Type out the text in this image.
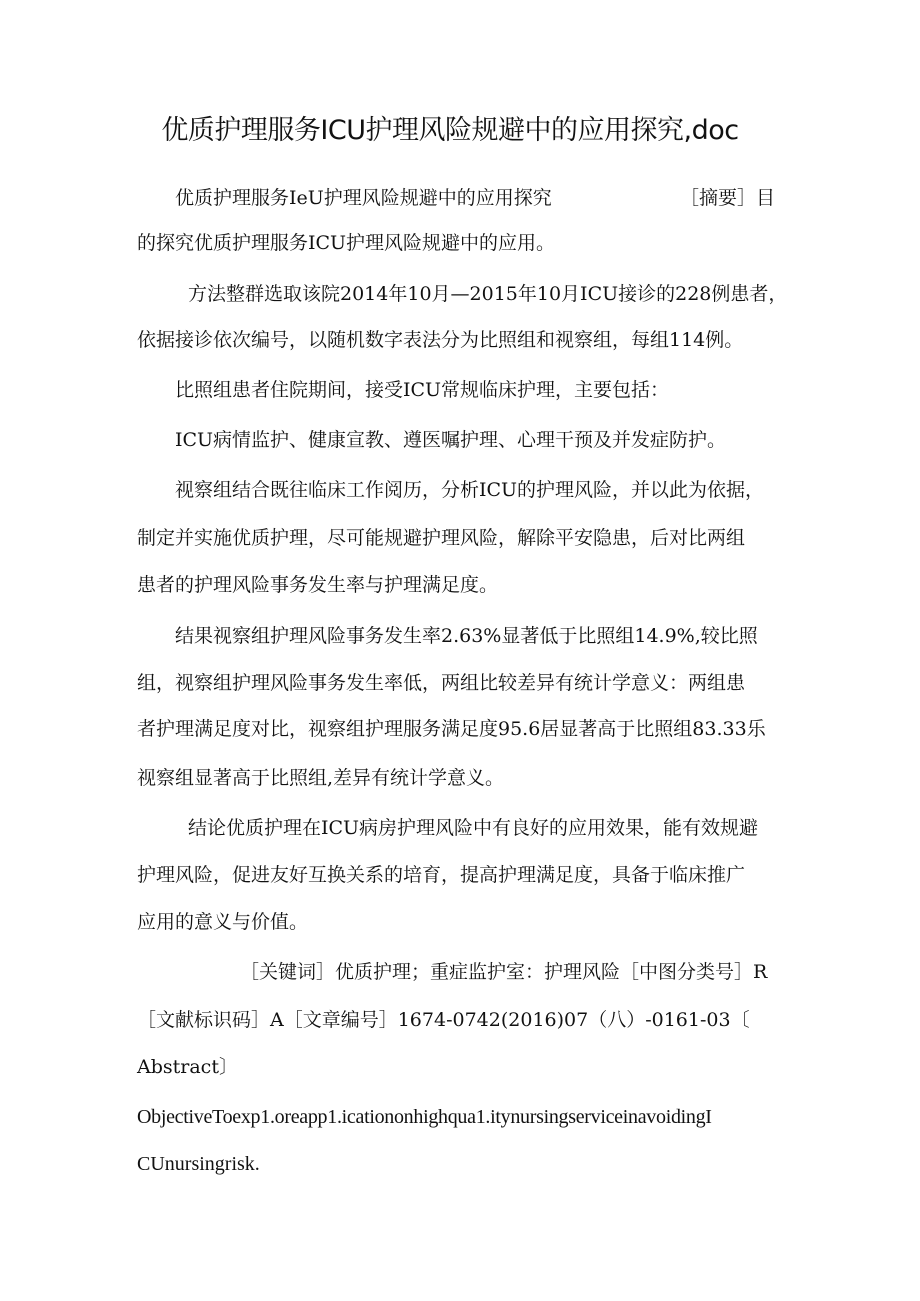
优质护理服务ICU护理风险规避中的应用探究,doc
优质护理服务IeU护理风险规避中的应用探究	［摘要］目
的探究优质护理服务ICU护理风险规避中的应用。
方法整群选取该院2014年10月—2015年10月ICU接诊的228例患者，
依据接诊依次编号，以随机数字表法分为比照组和视察组，每组114例。
比照组患者住院期间，接受ICU常规临床护理，主要包括：
ICU病情监护、健康宣教、遵医嘱护理、心理干预及并发症防护。
视察组结合既往临床工作阅历，分析ICU的护理风险，并以此为依据，
制定并实施优质护理，尽可能规避护理风险，解除平安隐患，后对比两组
患者的护理风险事务发生率与护理满足度。
结果视察组护理风险事务发生率2.63%显著低于比照组14.9%,较比照
组，视察组护理风险事务发生率低，两组比较差异有统计学意义：两组患
者护理满足度对比，视察组护理服务满足度95.6居显著高于比照组83.33乐
视察组显著高于比照组,差异有统计学意义。
结论优质护理在ICU病房护理风险中有良好的应用效果，能有效规避
护理风险，促进友好互换关系的培育，提高护理满足度，具备于临床推广
应用的意义与价值。
［关键词］优质护理；重症监护室：护理风险［中图分类号］R
［文献标识码］A［文章编号］1674-0742(2016)07（八）-0161-03〔
Abstract〕
ObjectiveToexp1.oreapp1.icationonhighqua1.itynursingserviceinavoidingI
CUnursingrisk.
